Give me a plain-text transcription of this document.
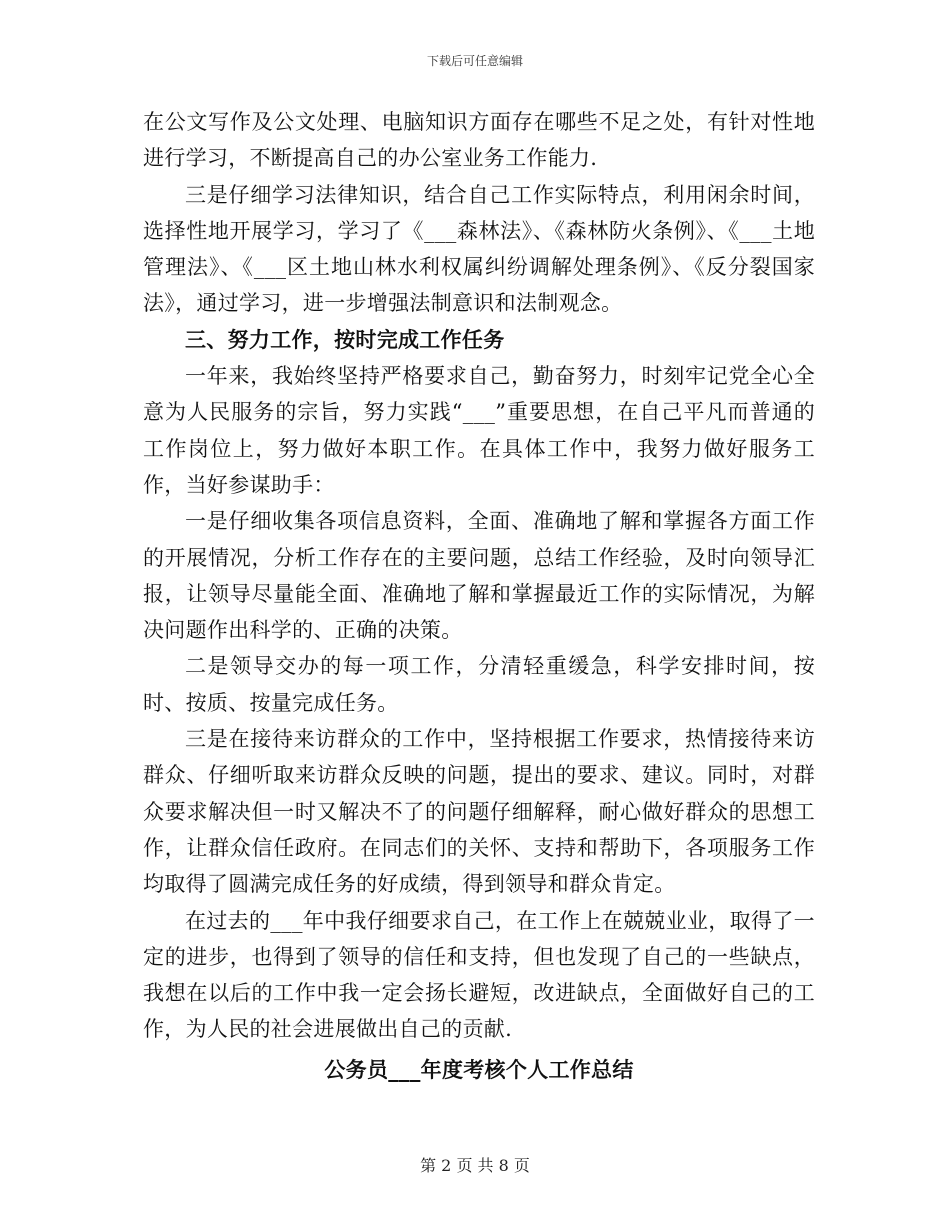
下载后可任意编辑

在公文写作及公文处理、电脑知识方面存在哪些不足之处，有针对性地进行学习，不断提高自己的办公室业务工作能力.

三是仔细学习法律知识，结合自己工作实际特点，利用闲余时间，选择性地开展学习，学习了《___森林法》、《森林防火条例》、《___土地管理法》、《___区土地山林水利权属纠纷调解处理条例》、《反分裂国家法》，通过学习，进一步增强法制意识和法制观念。

三、努力工作，按时完成工作任务

一年来，我始终坚持严格要求自己，勤奋努力，时刻牢记党全心全意为人民服务的宗旨，努力实践“___”重要思想，在自己平凡而普通的工作岗位上，努力做好本职工作。在具体工作中，我努力做好服务工作，当好参谋助手：

一是仔细收集各项信息资料，全面、准确地了解和掌握各方面工作的开展情况，分析工作存在的主要问题，总结工作经验，及时向领导汇报，让领导尽量能全面、准确地了解和掌握最近工作的实际情况，为解决问题作出科学的、正确的决策。

二是领导交办的每一项工作，分清轻重缓急，科学安排时间，按时、按质、按量完成任务。

三是在接待来访群众的工作中，坚持根据工作要求，热情接待来访群众、仔细听取来访群众反映的问题，提出的要求、建议。同时，对群众要求解决但一时又解决不了的问题仔细解释，耐心做好群众的思想工作，让群众信任政府。在同志们的关怀、支持和帮助下，各项服务工作均取得了圆满完成任务的好成绩，得到领导和群众肯定。

在过去的___年中我仔细要求自己，在工作上在兢兢业业，取得了一定的进步，也得到了领导的信任和支持，但也发现了自己的一些缺点，我想在以后的工作中我一定会扬长避短，改进缺点，全面做好自己的工作，为人民的社会进展做出自己的贡献.

公务员___年度考核个人工作总结

第 2 页 共 8 页
